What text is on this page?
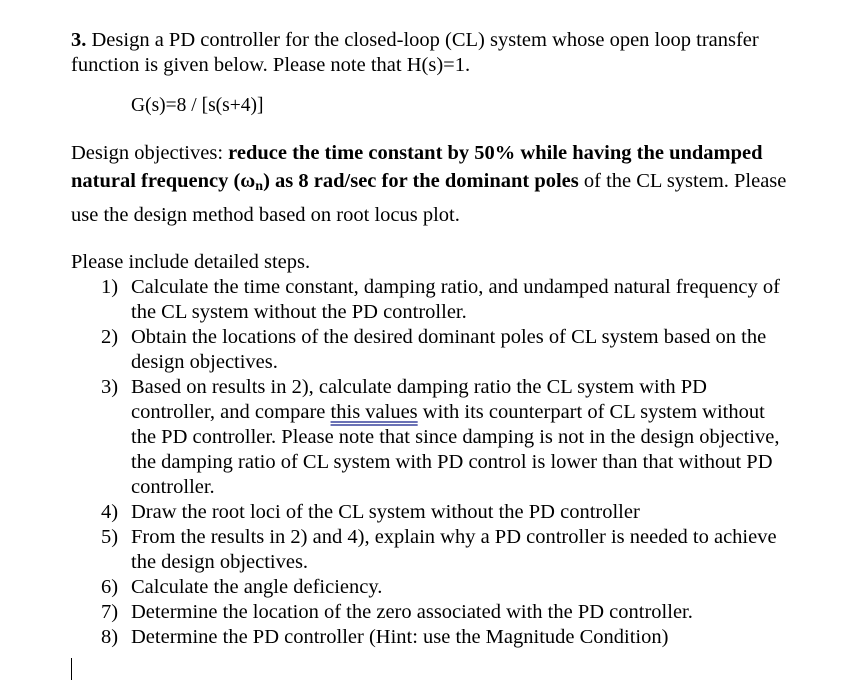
3. Design a PD controller for the closed-loop (CL) system whose open loop transfer function is given below. Please note that H(s)=1.

G(s)=8 / [s(s+4)]

Design objectives: reduce the time constant by 50% while having the undamped natural frequency (ωn) as 8 rad/sec for the dominant poles of the CL system. Please use the design method based on root locus plot.

Please include detailed steps.

1) Calculate the time constant, damping ratio, and undamped natural frequency of the CL system without the PD controller.
2) Obtain the locations of the desired dominant poles of CL system based on the design objectives.
3) Based on results in 2), calculate damping ratio the CL system with PD controller, and compare this values with its counterpart of CL system without the PD controller. Please note that since damping is not in the design objective, the damping ratio of CL system with PD control is lower than that without PD controller.
4) Draw the root loci of the CL system without the PD controller
5) From the results in 2) and 4), explain why a PD controller is needed to achieve the design objectives.
6) Calculate the angle deficiency.
7) Determine the location of the zero associated with the PD controller.
8) Determine the PD controller (Hint: use the Magnitude Condition)
